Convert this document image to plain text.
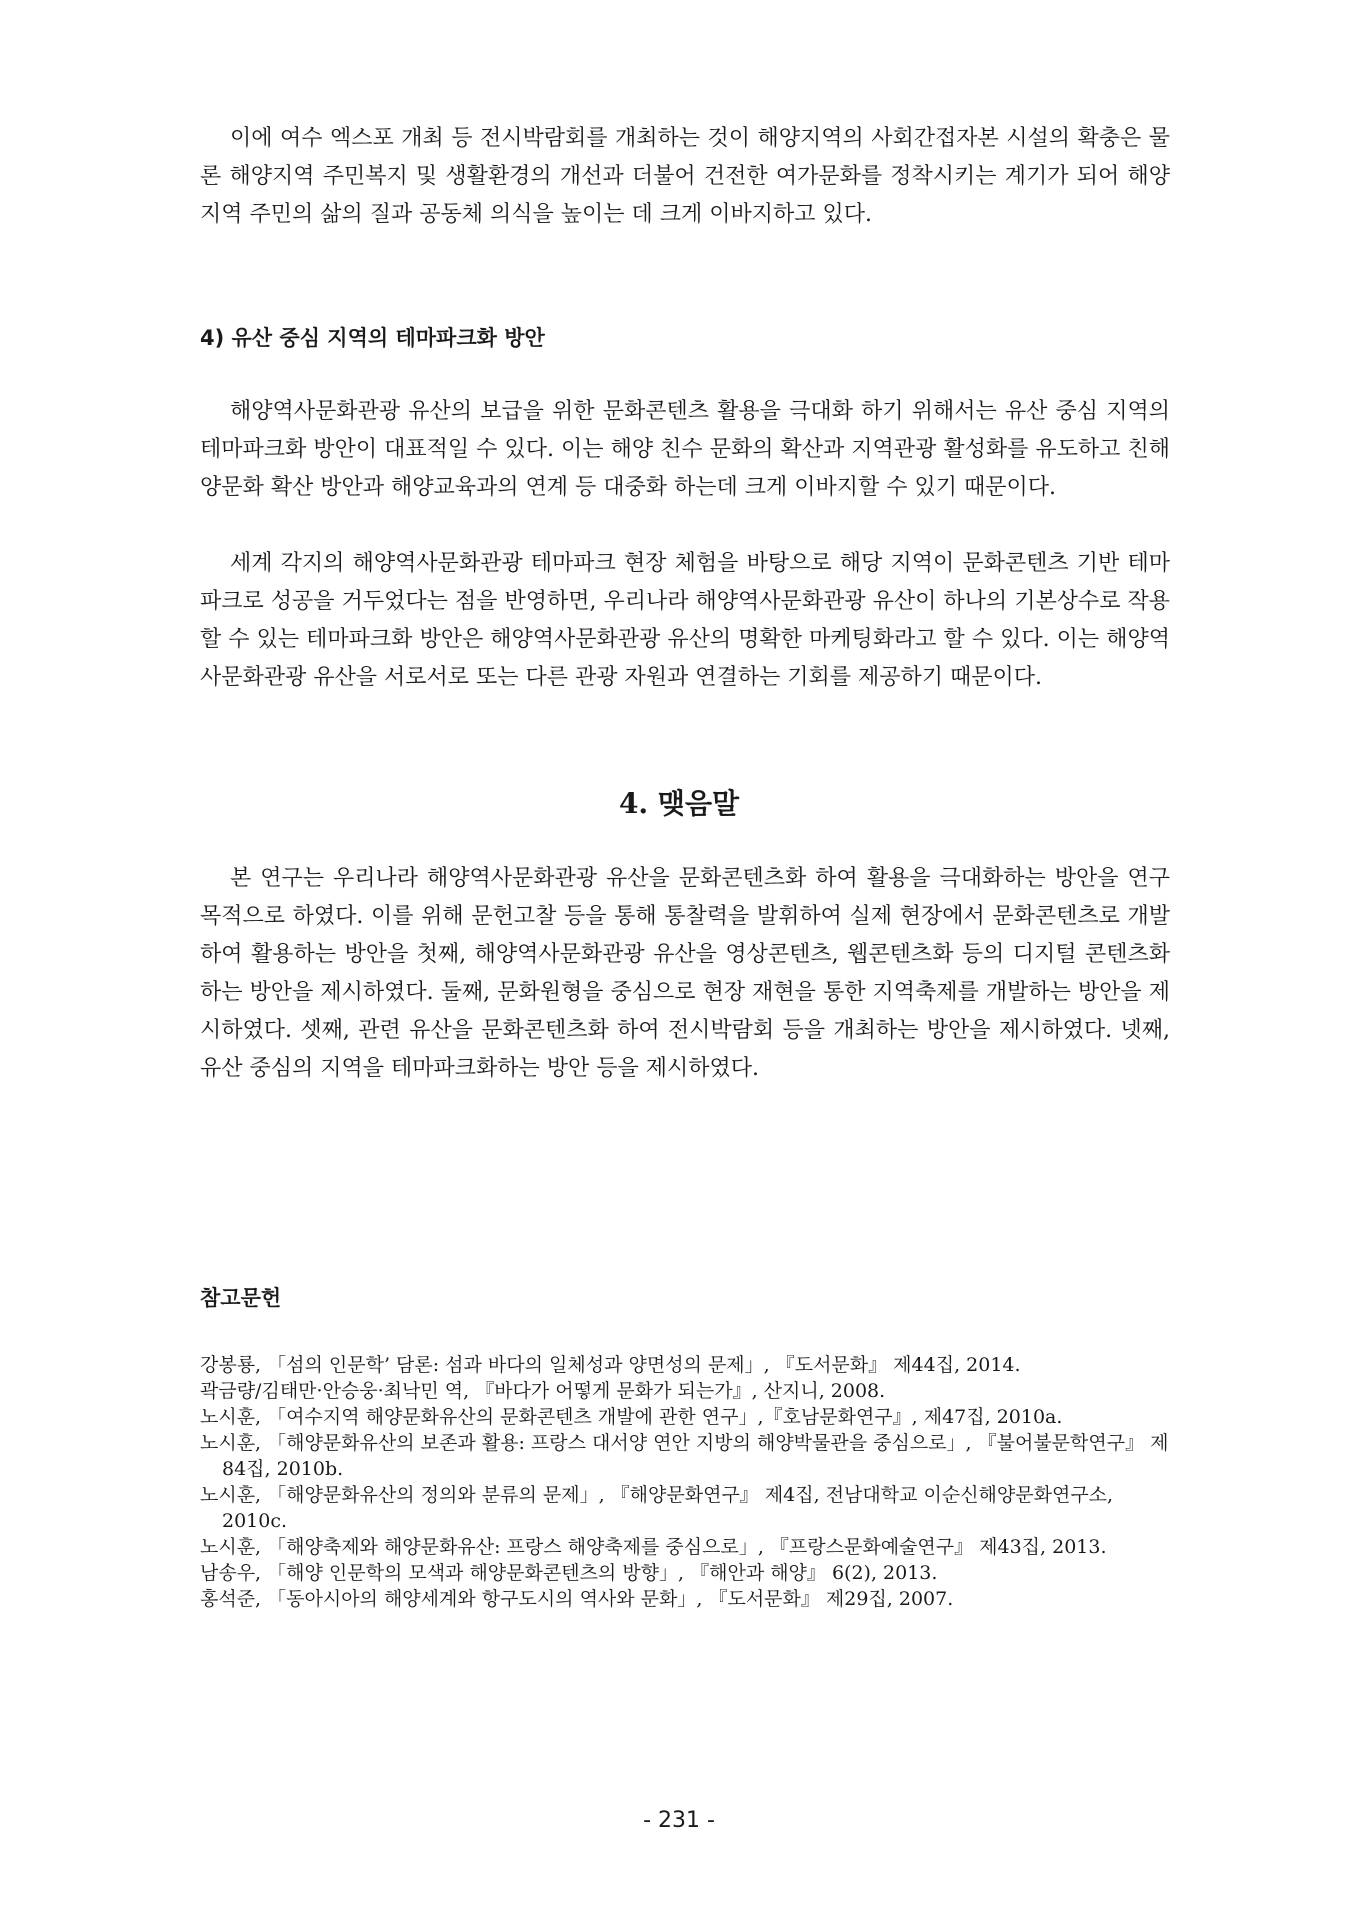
이에 여수 엑스포 개최 등 전시박람회를 개최하는 것이 해양지역의 사회간접자본 시설의 확충은 물론 해양지역 주민복지 및 생활환경의 개선과 더불어 건전한 여가문화를 정착시키는 계기가 되어 해양지역 주민의 삶의 질과 공동체 의식을 높이는 데 크게 이바지하고 있다.

4) 유산 중심 지역의 테마파크화 방안

해양역사문화관광 유산의 보급을 위한 문화콘텐츠 활용을 극대화 하기 위해서는 유산 중심 지역의 테마파크화 방안이 대표적일 수 있다. 이는 해양 친수 문화의 확산과 지역관광 활성화를 유도하고 친해양문화 확산 방안과 해양교육과의 연계 등 대중화 하는데 크게 이바지할 수 있기 때문이다.

세계 각지의 해양역사문화관광 테마파크 현장 체험을 바탕으로 해당 지역이 문화콘텐츠 기반 테마파크로 성공을 거두었다는 점을 반영하면, 우리나라 해양역사문화관광 유산이 하나의 기본상수로 작용할 수 있는 테마파크화 방안은 해양역사문화관광 유산의 명확한 마케팅화라고 할 수 있다. 이는 해양역사문화관광 유산을 서로서로 또는 다른 관광 자원과 연결하는 기회를 제공하기 때문이다.

4. 맺음말

본 연구는 우리나라 해양역사문화관광 유산을 문화콘텐츠화 하여 활용을 극대화하는 방안을 연구목적으로 하였다. 이를 위해 문헌고찰 등을 통해 통찰력을 발휘하여 실제 현장에서 문화콘텐츠로 개발하여 활용하는 방안을 첫째, 해양역사문화관광 유산을 영상콘텐츠, 웹콘텐츠화 등의 디지털 콘텐츠화하는 방안을 제시하였다. 둘째, 문화원형을 중심으로 현장 재현을 통한 지역축제를 개발하는 방안을 제시하였다. 셋째, 관련 유산을 문화콘텐츠화 하여 전시박람회 등을 개최하는 방안을 제시하였다. 넷째, 유산 중심의 지역을 테마파크화하는 방안 등을 제시하였다.

참고문헌
강봉룡, 「섬의 인문학’ 담론: 섬과 바다의 일체성과 양면성의 문제」, 『도서문화』 제44집, 2014.
곽금량/김태만·안승웅·최낙민 역, 『바다가 어떻게 문화가 되는가』, 산지니, 2008.
노시훈, 「여수지역 해양문화유산의 문화콘텐츠 개발에 관한 연구」,『호남문화연구』, 제47집, 2010a.
노시훈, 「해양문화유산의 보존과 활용: 프랑스 대서양 연안 지방의 해양박물관을 중심으로」, 『불어불문학연구』 제84집, 2010b.
노시훈, 「해양문화유산의 정의와 분류의 문제」, 『해양문화연구』 제4집, 전남대학교 이순신해양문화연구소, 2010c.
노시훈, 「해양축제와 해양문화유산: 프랑스 해양축제를 중심으로」, 『프랑스문화예술연구』 제43집, 2013.
남송우, 「해양 인문학의 모색과 해양문화콘텐츠의 방향」, 『해안과 해양』 6(2), 2013.
홍석준, 「동아시아의 해양세계와 항구도시의 역사와 문화」, 『도서문화』 제29집, 2007.
- 231 -
